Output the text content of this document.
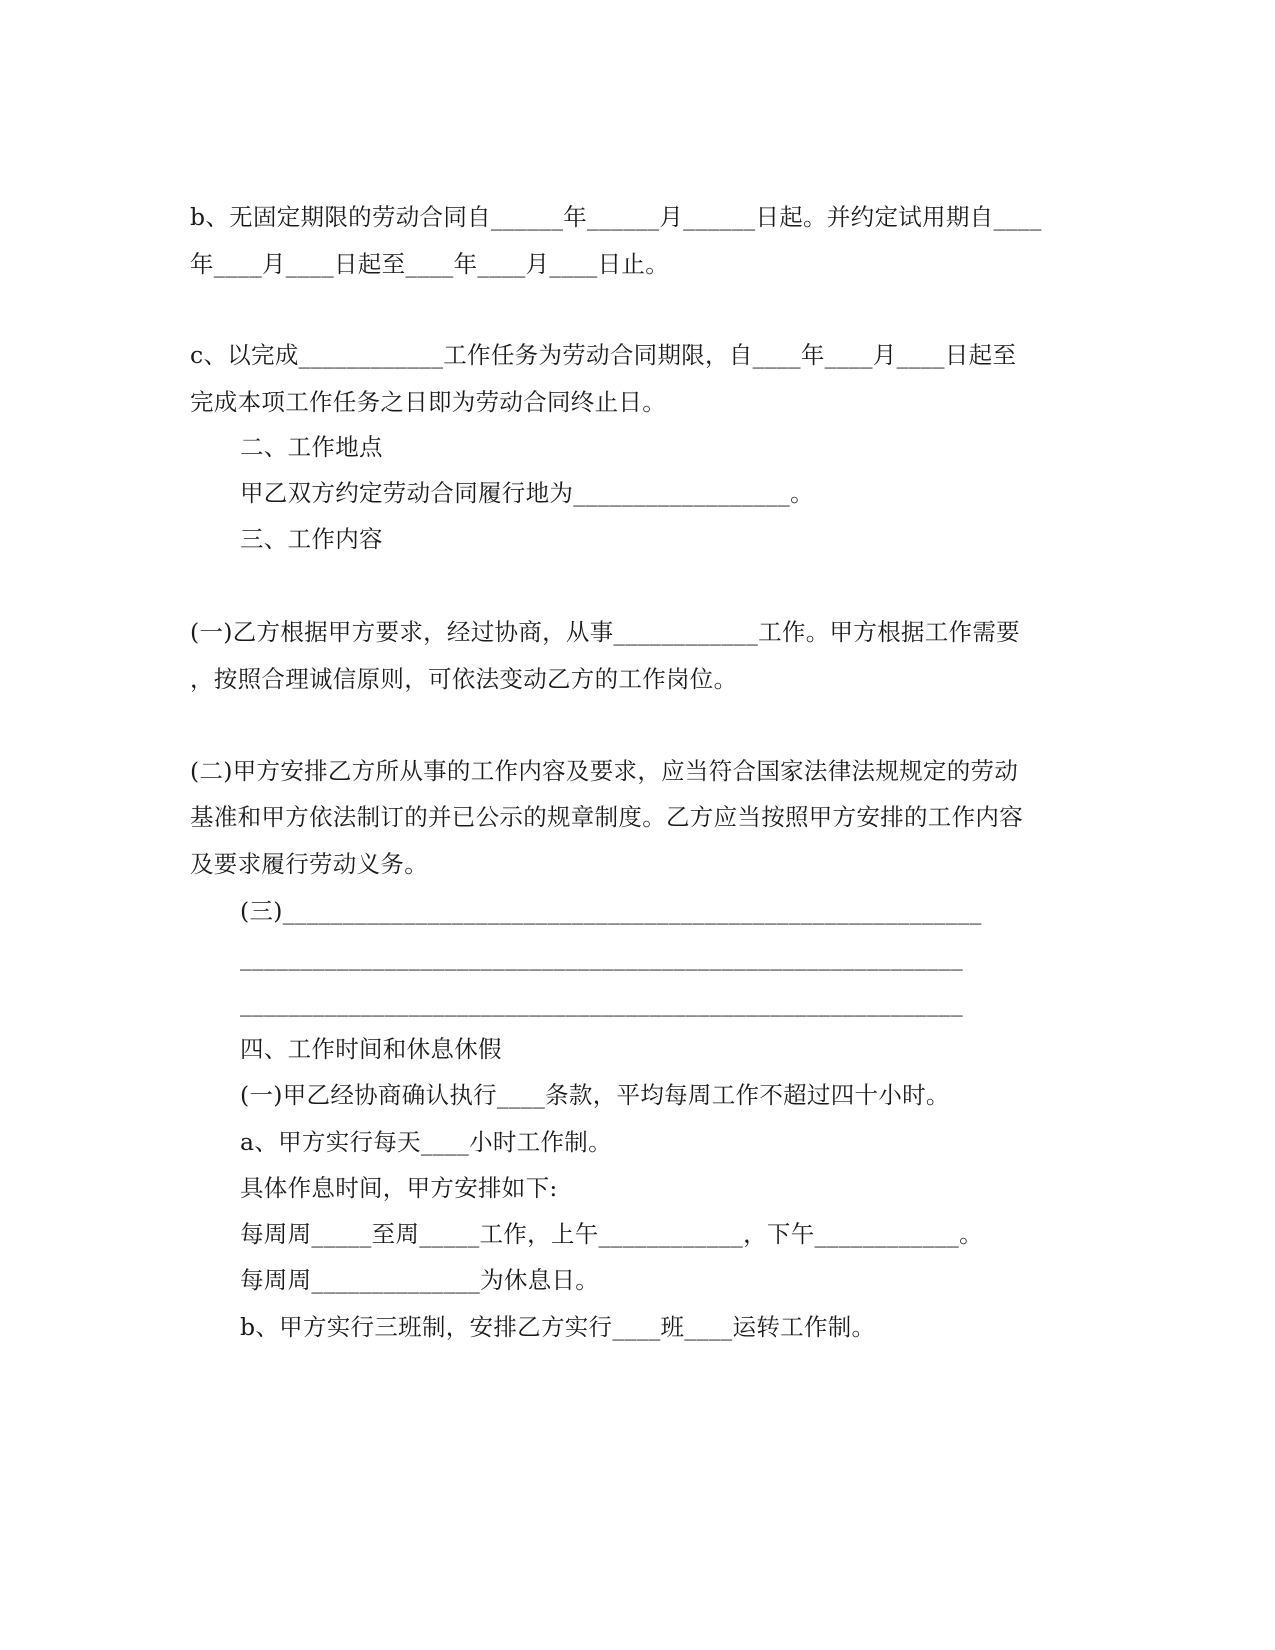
b、无固定期限的劳动合同自______年______月______日起。并约定试用期自____
年____月____日起至____年____月____日止。
c、以完成____________工作任务为劳动合同期限，自____年____月____日起至
完成本项工作任务之日即为劳动合同终止日。
二、工作地点
甲乙双方约定劳动合同履行地为__________________。
三、工作内容
(一)乙方根据甲方要求，经过协商，从事____________工作。甲方根据工作需要
，按照合理诚信原则，可依法变动乙方的工作岗位。
(二)甲方安排乙方所从事的工作内容及要求，应当符合国家法律法规规定的劳动
基准和甲方依法制订的并已公示的规章制度。乙方应当按照甲方安排的工作内容
及要求履行劳动义务。
(三)__________________________________________________________
____________________________________________________________
____________________________________________________________
四、工作时间和休息休假
(一)甲乙经协商确认执行____条款，平均每周工作不超过四十小时。
a、甲方实行每天____小时工作制。
具体作息时间，甲方安排如下:
每周周_____至周_____工作，上午____________，下午____________。
每周周______________为休息日。
b、甲方实行三班制，安排乙方实行____班____运转工作制。
